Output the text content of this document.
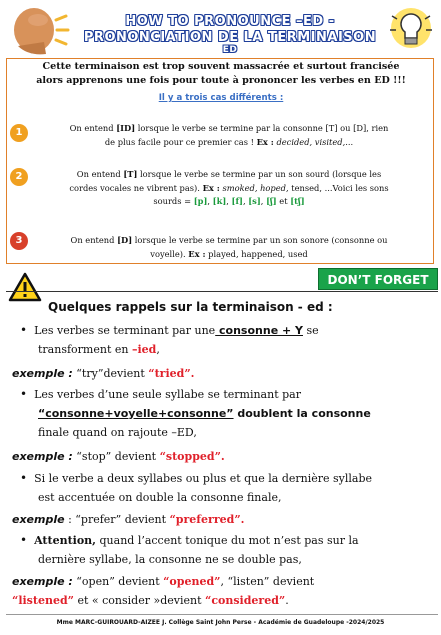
HOW TO PRONOUNCE –ED -
PRONONCIATION DE LA TERMINAISON
ED
Cette terminaison est trop souvent massacrée et surtout francisée
alors apprenons une fois pour toute à prononcer les verbes en ED !!!
Il y a trois cas différents :
1	On entend [ID] lorsque le verbe se termine par la consonne [T] ou [D], rien
de plus facile pour ce premier cas ! Ex : decided, visited,...
2	On entend [T] lorsque le verbe se termine par un son sourd (lorsque les
cordes vocales ne vibrent pas). Ex : smoked, hoped, tensed, ...Voici les sons
sourds = [p], [k], [f], [s], [ʃ] et [tʃ]
3	On entend [D] lorsque le verbe se termine par un son sonore (consonne ou
voyelle). Ex : played, happened, used
DON’T FORGET
Quelques rappels sur la terminaison - ed :
• Les verbes se terminant par une consonne + Y se
transforment en –ied,
exemple : “try”devient “tried”.
• Les verbes d’une seule syllabe se terminant par
“consonne+voyelle+consonne” doublent la consonne
finale quand on rajoute –ED,
exemple : “stop” devient “stopped”.
• Si le verbe a deux syllabes ou plus et que la dernière syllabe
est accentuée on double la consonne finale,
exemple : “prefer” devient “preferred”.
• Attention, quand l’accent tonique du mot n’est pas sur la
dernière syllabe, la consonne ne se double pas,
exemple : “open” devient “opened”, “listen” devient
“listened” et « consider »devient “considered”.
Mme MARC-GUIROUARD-AIZEE J. Collège Saint John Perse - Académie de Guadeloupe -2024/2025
